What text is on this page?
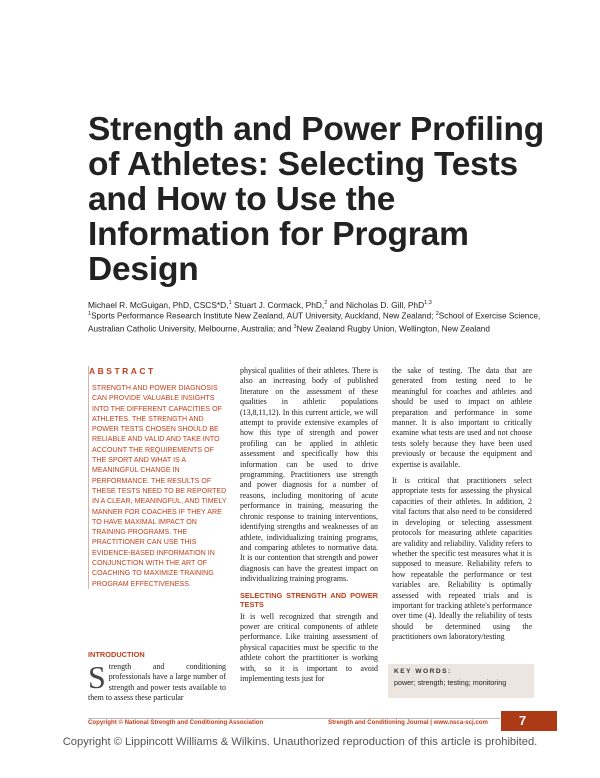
Strength and Power Profiling of Athletes: Selecting Tests and How to Use the Information for Program Design
Michael R. McGuigan, PhD, CSCS*D,$^1$ Stuart J. Cormack, PhD,$^2$ and Nicholas D. Gill, PhD$^{1,3}$
$^1$Sports Performance Research Institute New Zealand, AUT University, Auckland, New Zealand; $^2$School of Exercise Science, Australian Catholic University, Melbourne, Australia; and $^3$New Zealand Rugby Union, Wellington, New Zealand
ABSTRACT
STRENGTH AND POWER DIAGNOSIS CAN PROVIDE VALUABLE INSIGHTS INTO THE DIFFERENT CAPACITIES OF ATHLETES. THE STRENGTH AND POWER TESTS CHOSEN SHOULD BE RELIABLE AND VALID AND TAKE INTO ACCOUNT THE REQUIREMENTS OF THE SPORT AND WHAT IS A MEANINGFUL CHANGE IN PERFORMANCE. THE RESULTS OF THESE TESTS NEED TO BE REPORTED IN A CLEAR, MEANINGFUL, AND TIMELY MANNER FOR COACHES IF THEY ARE TO HAVE MAXIMAL IMPACT ON TRAINING PROGRAMS. THE PRACTITIONER CAN USE THIS EVIDENCE-BASED INFORMATION IN CONJUNCTION WITH THE ART OF COACHING TO MAXIMIZE TRAINING PROGRAM EFFECTIVENESS.
INTRODUCTION

Strength and conditioning professionals have a large number of strength and power tests available to them to assess these particular

physical qualities of their athletes. There is also an increasing body of published literature on the assessment of these qualities in athletic populations (13,8,11,12). In this current article, we will attempt to provide extensive examples of how this type of strength and power profiling can be applied in athletic assessment and specifically how this information can be used to drive programming. Practitioners use strength and power diagnosis for a number of reasons, including monitoring of acute performance in training, measuring the chronic response to training interventions, identifying strengths and weaknesses of an athlete, individualizing training programs, and comparing athletes to normative data. It is our contention that strength and power diagnosis can have the greatest impact on individualizing training programs.

SELECTING STRENGTH AND POWER TESTS

It is well recognized that strength and power are critical components of athlete performance. Like training assessment of physical capacities must be specific to the athlete cohort the practitioner is working with, so it is important to avoid implementing tests just for

the sake of testing. The data that are generated from testing need to be meaningful for coaches and athletes and should be used to impact on athlete preparation and performance in some manner. It is also important to critically examine what tests are used and not choose tests solely because they have been used previously or because the equipment and expertise is available.

It is critical that practitioners select appropriate tests for assessing the physical capacities of their athletes. In addition, 2 vital factors that also need to be considered in developing or selecting assessment protocols for measuring athlete capacities are validity and reliability. Validity refers to whether the specific test measures what it is supposed to measure. Reliability refers to how repeatable the performance or test variables are. Reliability is optimally assessed with repeated trials and is important for tracking athlete's performance over time (4). Ideally the reliability of tests should be determined using the practitioners own laboratory/testing

KEY WORDS:
power; strength; testing; monitoring
Copyright © National Strength and Conditioning Association	Strength and Conditioning Journal | www.nsca-scj.com	7
Copyright © Lippincott Williams & Wilkins. Unauthorized reproduction of this article is prohibited.
